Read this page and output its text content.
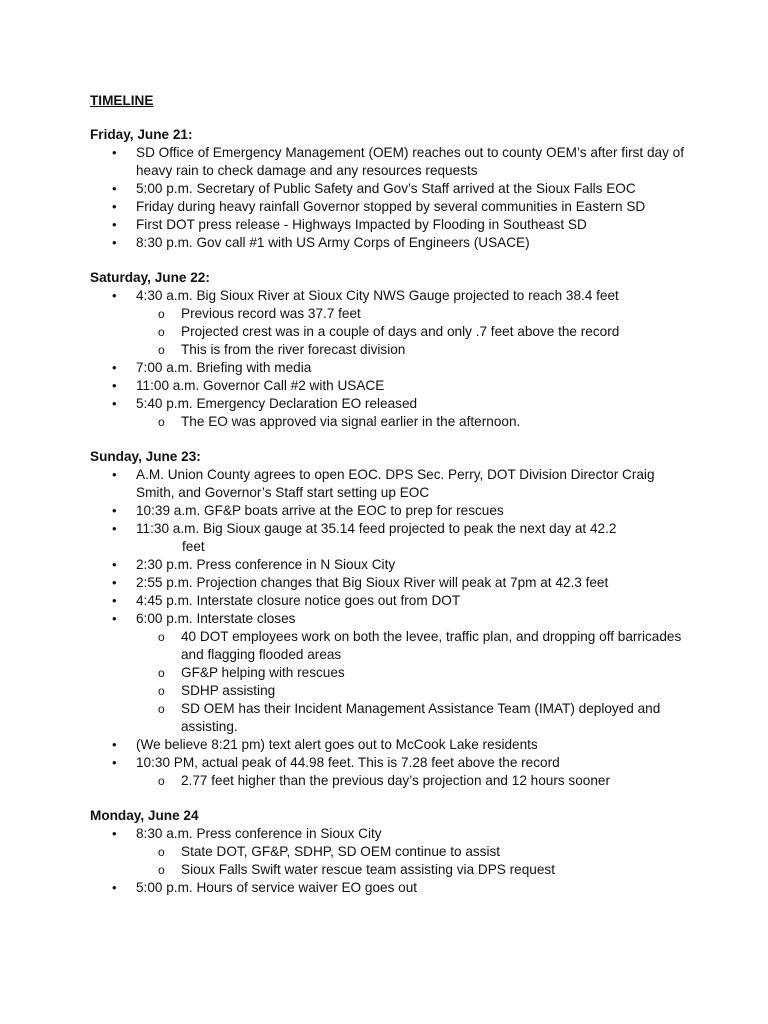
TIMELINE
Friday, June 21:
• SD Office of Emergency Management (OEM) reaches out to county OEM’s after first day of heavy rain to check damage and any resources requests
• 5:00 p.m. Secretary of Public Safety and Gov’s Staff arrived at the Sioux Falls EOC
• Friday during heavy rainfall Governor stopped by several communities in Eastern SD
• First DOT press release - Highways Impacted by Flooding in Southeast SD
• 8:30 p.m. Gov call #1 with US Army Corps of Engineers (USACE)
Saturday, June 22:
• 4:30 a.m. Big Sioux River at Sioux City NWS Gauge projected to reach 38.4 feet
o Previous record was 37.7 feet
o Projected crest was in a couple of days and only .7 feet above the record
o This is from the river forecast division
• 7:00 a.m. Briefing with media
• 11:00 a.m. Governor Call #2 with USACE
• 5:40 p.m. Emergency Declaration EO released
o The EO was approved via signal earlier in the afternoon.
Sunday, June 23:
• A.M. Union County agrees to open EOC. DPS Sec. Perry, DOT Division Director Craig Smith, and Governor’s Staff start setting up EOC
• 10:39 a.m. GF&P boats arrive at the EOC to prep for rescues
• 11:30 a.m. Big Sioux gauge at 35.14 feed projected to peak the next day at 42.2
feet
• 2:30 p.m. Press conference in N Sioux City
• 2:55 p.m. Projection changes that Big Sioux River will peak at 7pm at 42.3 feet
• 4:45 p.m. Interstate closure notice goes out from DOT
• 6:00 p.m. Interstate closes
o 40 DOT employees work on both the levee, traffic plan, and dropping off barricades and flagging flooded areas
o GF&P helping with rescues
o SDHP assisting
o SD OEM has their Incident Management Assistance Team (IMAT) deployed and assisting.
• (We believe 8:21 pm) text alert goes out to McCook Lake residents
• 10:30 PM, actual peak of 44.98 feet. This is 7.28 feet above the record
o 2.77 feet higher than the previous day’s projection and 12 hours sooner
Monday, June 24
• 8:30 a.m. Press conference in Sioux City
o State DOT, GF&P, SDHP, SD OEM continue to assist
o Sioux Falls Swift water rescue team assisting via DPS request
• 5:00 p.m. Hours of service waiver EO goes out
